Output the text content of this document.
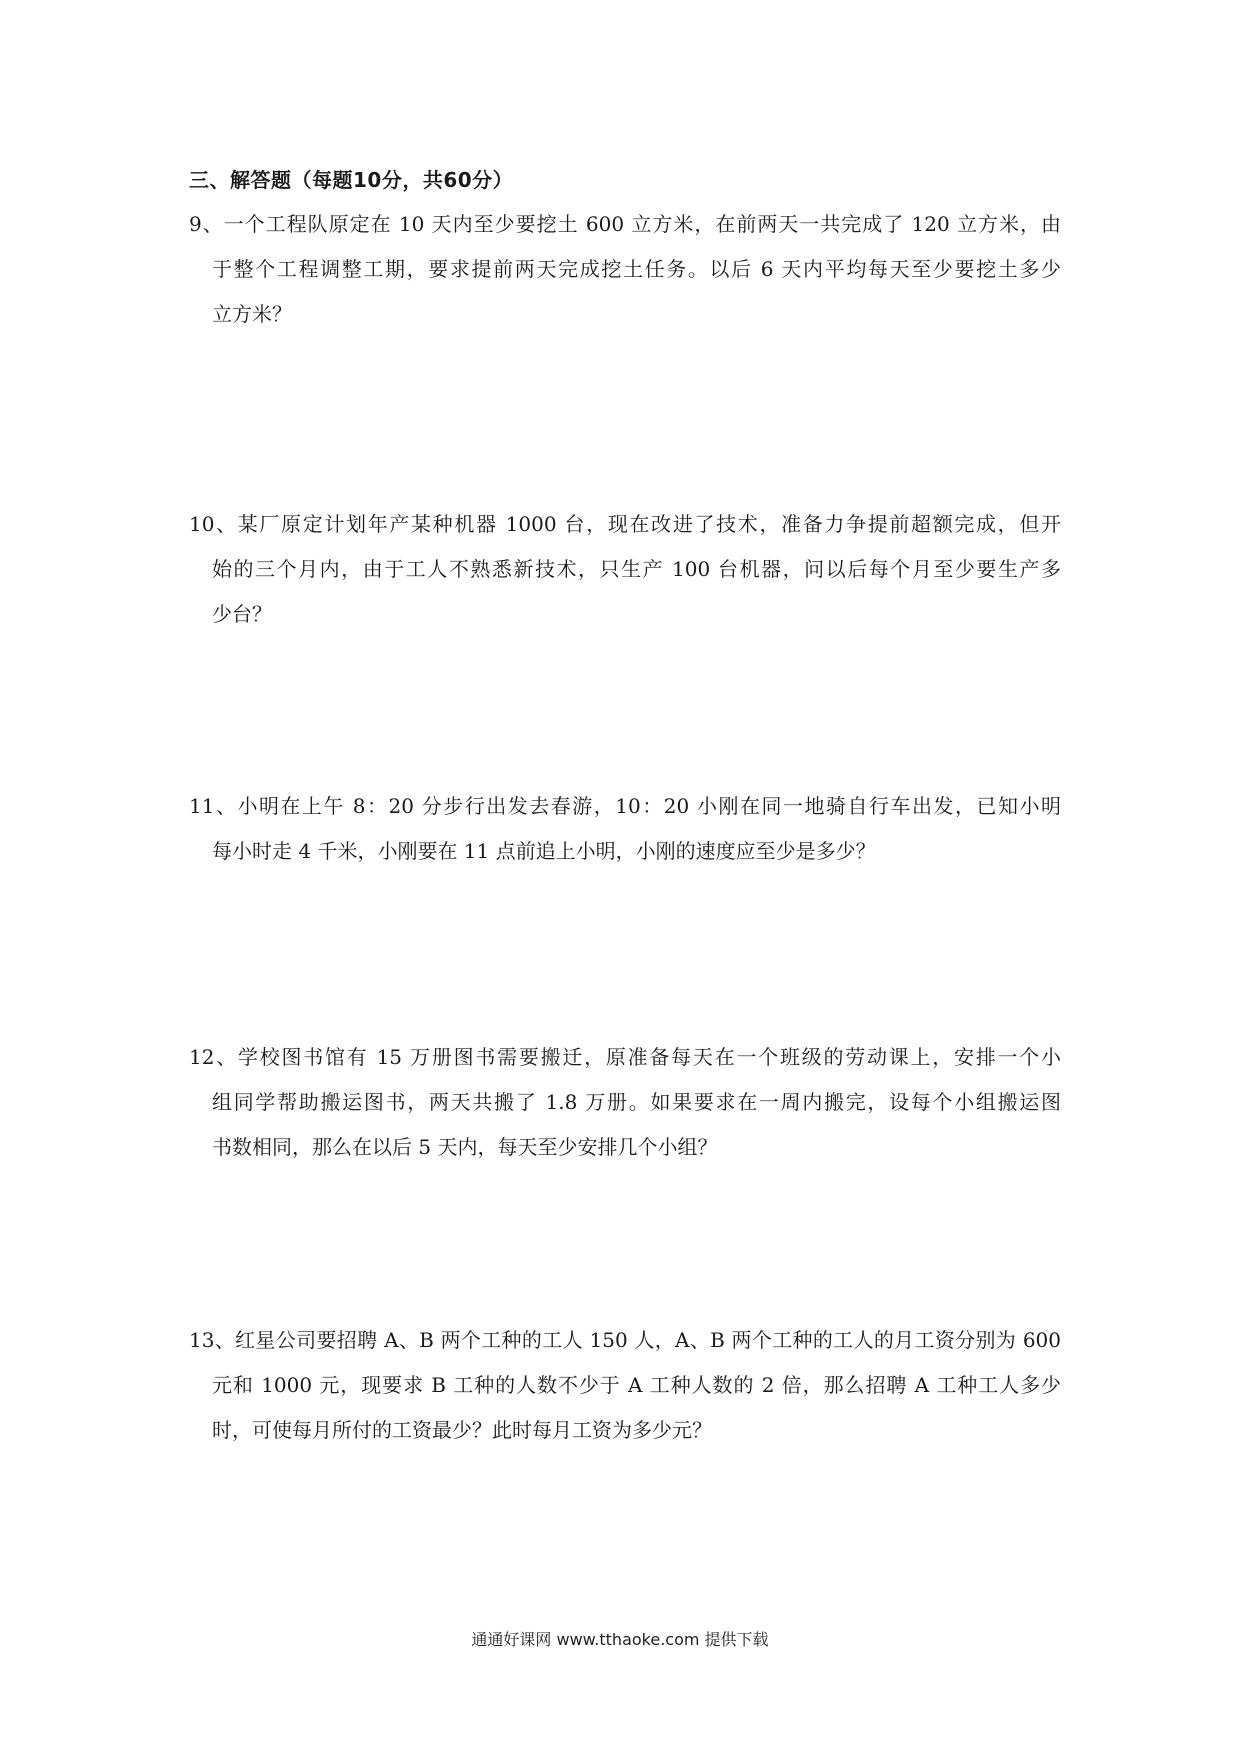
三、解答题（每题10分，共60分）
9、一个工程队原定在 10 天内至少要挖土 600 立方米，在前两天一共完成了 120 立方米，由
于整个工程调整工期，要求提前两天完成挖土任务。以后 6 天内平均每天至少要挖土多少
立方米？
10、某厂原定计划年产某种机器 1000 台，现在改进了技术，准备力争提前超额完成，但开
始的三个月内，由于工人不熟悉新技术，只生产 100 台机器，问以后每个月至少要生产多
少台？
11、小明在上午 8：20 分步行出发去春游，10：20 小刚在同一地骑自行车出发，已知小明
每小时走 4 千米，小刚要在 11 点前追上小明，小刚的速度应至少是多少？
12、学校图书馆有 15 万册图书需要搬迁，原准备每天在一个班级的劳动课上，安排一个小
组同学帮助搬运图书，两天共搬了 1.8 万册。如果要求在一周内搬完，设每个小组搬运图
书数相同，那么在以后 5 天内，每天至少安排几个小组？
13、红星公司要招聘 A、B 两个工种的工人 150 人，A、B 两个工种的工人的月工资分别为 600
元和 1000 元，现要求 B 工种的人数不少于 A 工种人数的 2 倍，那么招聘 A 工种工人多少
时，可使每月所付的工资最少？此时每月工资为多少元？
通通好课网 www.tthaoke.com 提供下载
